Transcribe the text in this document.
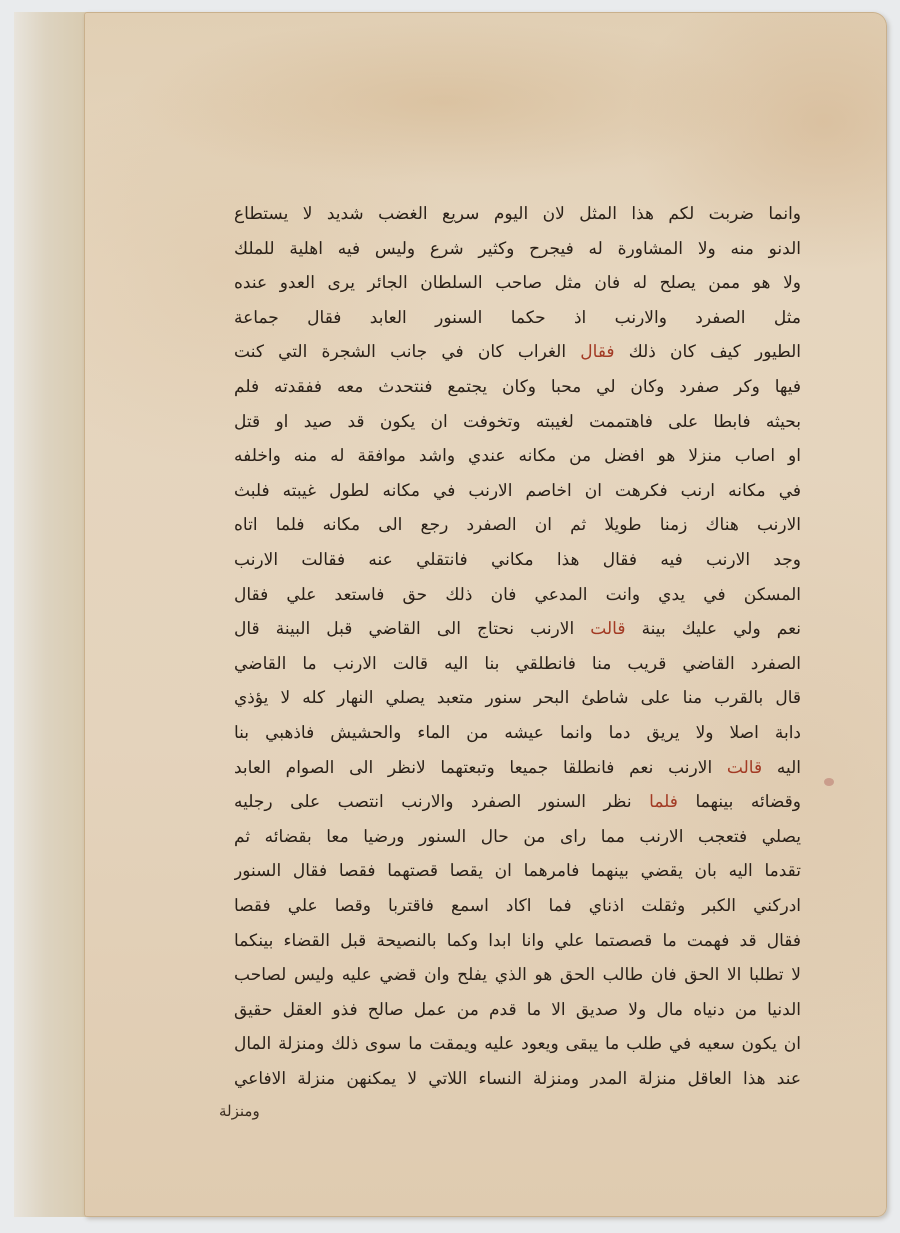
وانما ضربت لكم هذا المثل لان اليوم سريع الغضب شديد لا يستطاع
الدنو منه ولا المشاورة له فيجرح وكثير شرع وليس فيه اهلية للملك
ولا هو ممن يصلح له فان مثل صاحب السلطان الجائر يرى العدو عنده
مثل الصفرد والارنب اذ حكما السنور العابد فقال جماعة
الطيور كيف كان ذلك فقال الغراب كان في جانب الشجرة التي كنت
فيها وكر صفرد وكان لي محبا وكان يجتمع فنتحدث معه ففقدته فلم
بحيثه فابطا على فاهتممت لغيبته وتخوفت ان يكون قد صيد او قتل
او اصاب منزلا هو افضل من مكانه عندي واشد موافقة له منه واخلفه
في مكانه ارنب فكرهت ان اخاصم الارنب في مكانه لطول غيبته فلبث
الارنب هناك زمنا طويلا ثم ان الصفرد رجع الى مكانه فلما اتاه
وجد الارنب فيه فقال هذا مكاني فانتقلي عنه فقالت الارنب
المسكن في يدي وانت المدعي فان ذلك حق فاستعد علي فقال
نعم ولي عليك بينة قالت الارنب نحتاج الى القاضي قبل البينة قال
الصفرد القاضي قريب منا فانطلقي بنا اليه قالت الارنب ما القاضي
قال بالقرب منا على شاطئ البحر سنور متعبد يصلي النهار كله لا يؤذي
دابة اصلا ولا يريق دما وانما عيشه من الماء والحشيش فاذهبي بنا
اليه قالت الارنب نعم فانطلقا جميعا وتبعتهما لانظر الى الصوام العابد
وقضائه بينهما فلما نظر السنور الصفرد والارنب انتصب على رجليه
يصلي فتعجب الارنب مما راى من حال السنور ورضيا معا بقضائه ثم
تقدما اليه بان يقضي بينهما فامرهما ان يقصا قصتهما فقصا فقال السنور
ادركني الكبر وثقلت اذناي فما اكاد اسمع فاقتربا وقصا علي فقصا
فقال قد فهمت ما قصصتما علي وانا ابدا وكما بالنصيحة قبل القضاء بينكما
لا تطلبا الا الحق فان طالب الحق هو الذي يفلح وان قضي عليه وليس لصاحب
الدنيا من دنياه مال ولا صديق الا ما قدم من عمل صالح فذو العقل حقيق
ان يكون سعيه في طلب ما يبقى ويعود عليه ويمقت ما سوى ذلك ومنزلة المال
عند هذا العاقل منزلة المدر ومنزلة النساء اللاتي لا يمكنهن منزلة الافاعي
ومنزلة
